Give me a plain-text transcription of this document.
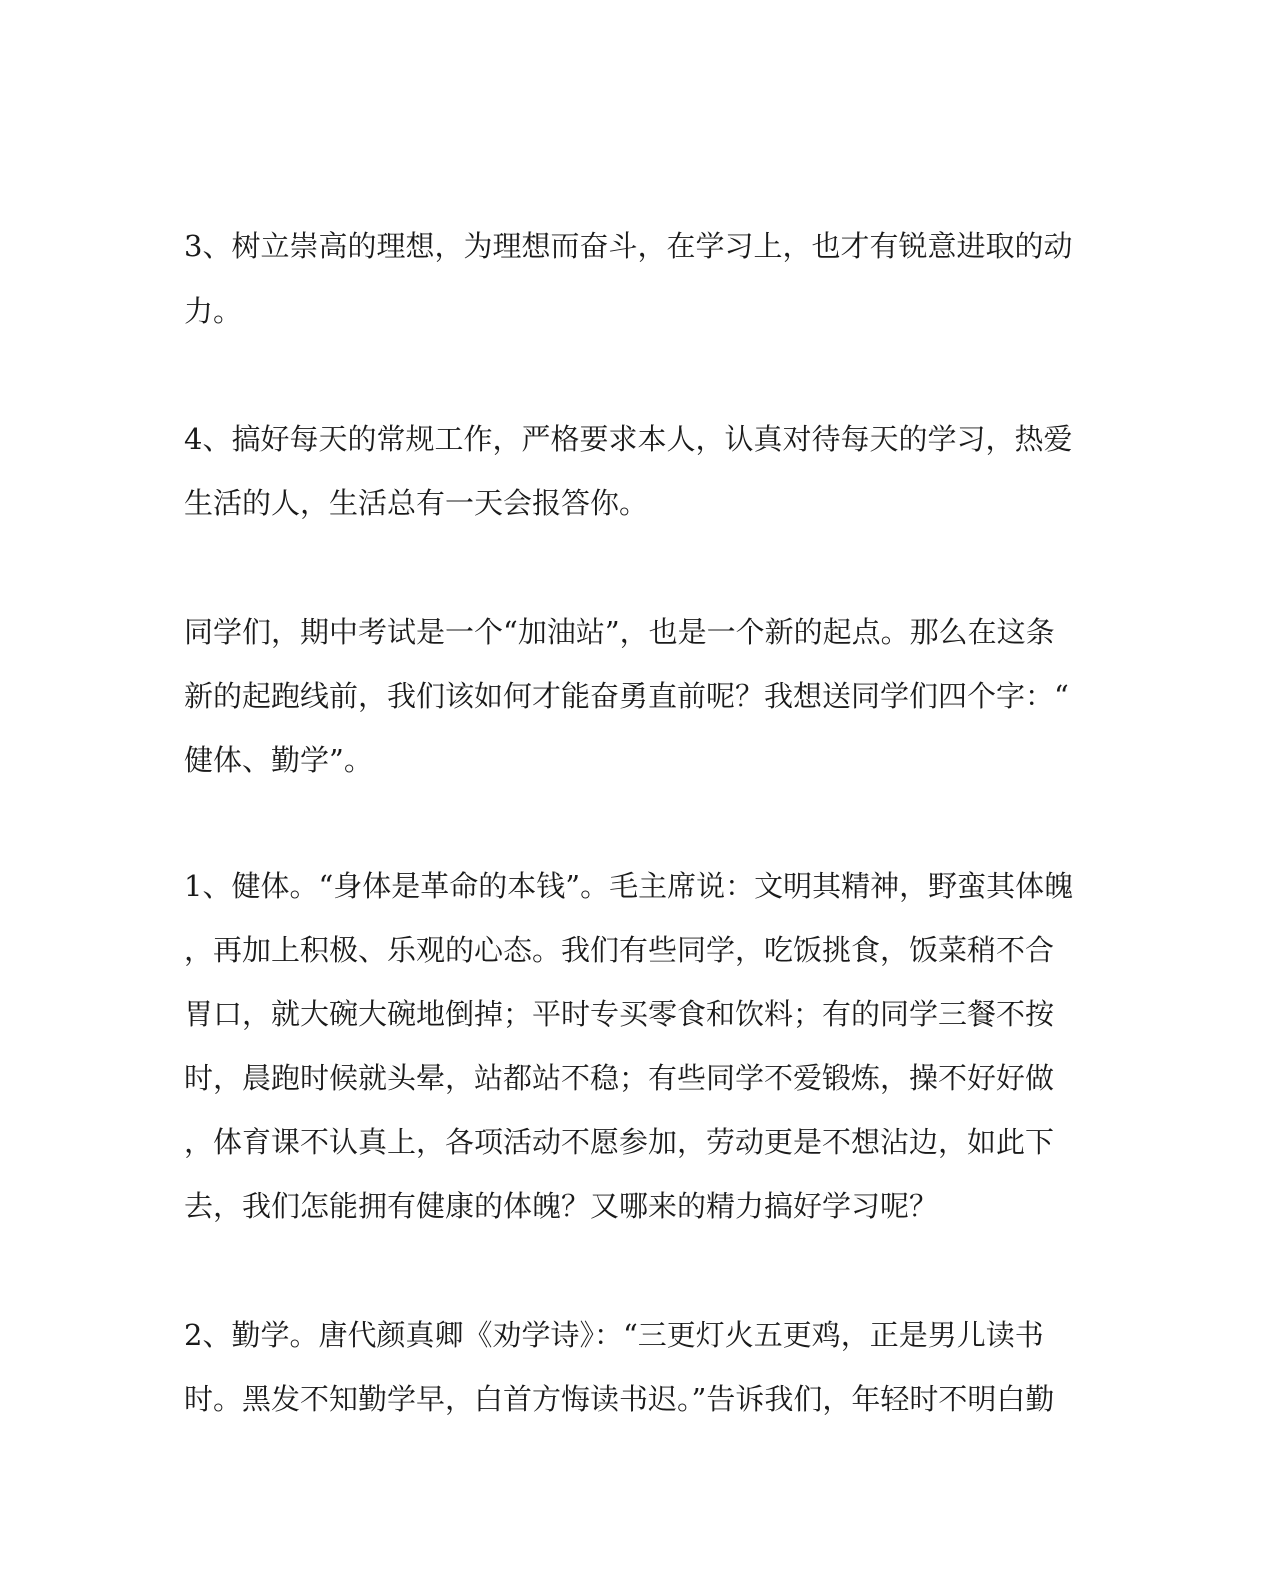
3、树立崇高的理想，为理想而奋斗，在学习上，也才有锐意进取的动
力。
4、搞好每天的常规工作，严格要求本人，认真对待每天的学习，热爱
生活的人，生活总有一天会报答你。
同学们，期中考试是一个“加油站”，也是一个新的起点。那么在这条
新的起跑线前，我们该如何才能奋勇直前呢？我想送同学们四个字：“
健体、勤学”。
1、健体。“身体是革命的本钱”。毛主席说：文明其精神，野蛮其体魄
，再加上积极、乐观的心态。我们有些同学，吃饭挑食，饭菜稍不合
胃口，就大碗大碗地倒掉；平时专买零食和饮料；有的同学三餐不按
时，晨跑时候就头晕，站都站不稳；有些同学不爱锻炼，操不好好做
，体育课不认真上，各项活动不愿参加，劳动更是不想沾边，如此下
去，我们怎能拥有健康的体魄？又哪来的精力搞好学习呢？
2、勤学。唐代颜真卿《劝学诗》：“三更灯火五更鸡，正是男儿读书
时。黑发不知勤学早，白首方悔读书迟。”告诉我们，年轻时不明白勤
